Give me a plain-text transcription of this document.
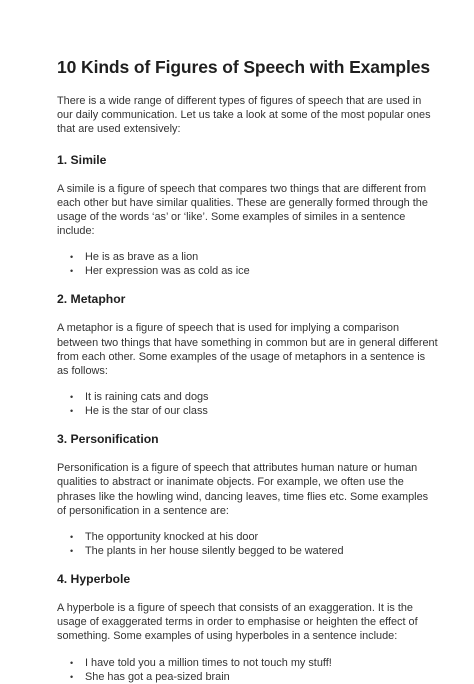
10 Kinds of Figures of Speech with Examples

There is a wide range of different types of figures of speech that are used in our daily communication. Let us take a look at some of the most popular ones that are used extensively:

1. Simile

A simile is a figure of speech that compares two things that are different from each other but have similar qualities. These are generally formed through the usage of the words ‘as’ or ‘like’. Some examples of similes in a sentence include:

• He is as brave as a lion
• Her expression was as cold as ice
2. Metaphor

A metaphor is a figure of speech that is used for implying a comparison between two things that have something in common but are in general different from each other. Some examples of the usage of metaphors in a sentence is as follows:

• It is raining cats and dogs
• He is the star of our class
3. Personification

Personification is a figure of speech that attributes human nature or human qualities to abstract or inanimate objects. For example, we often use the phrases like the howling wind, dancing leaves, time flies etc. Some examples of personification in a sentence are:

• The opportunity knocked at his door
• The plants in her house silently begged to be watered
4. Hyperbole

A hyperbole is a figure of speech that consists of an exaggeration. It is the usage of exaggerated terms in order to emphasise or heighten the effect of something. Some examples of using hyperboles in a sentence include:

• I have told you a million times to not touch my stuff!
• She has got a pea-sized brain
